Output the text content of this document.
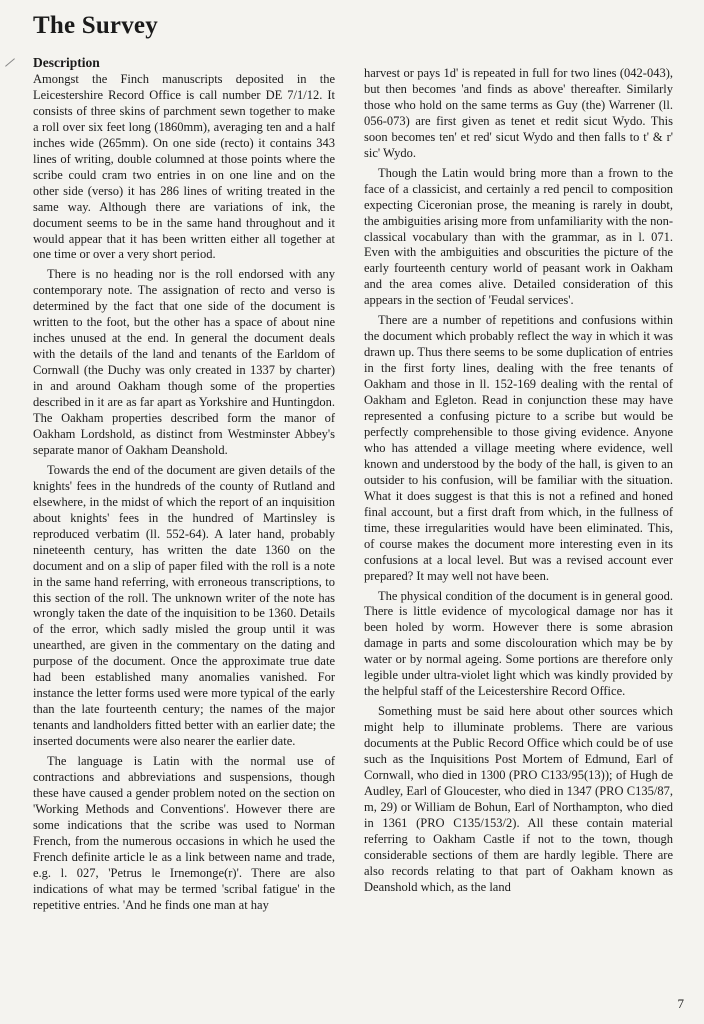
The Survey
Description

Amongst the Finch manuscripts deposited in the Leicestershire Record Office is call number DE 7/1/12. It consists of three skins of parchment sewn together to make a roll over six feet long (1860mm), averaging ten and a half inches wide (265mm). On one side (recto) it contains 343 lines of writing, double columned at those points where the scribe could cram two entries in on one line and on the other side (verso) it has 286 lines of writing treated in the same way. Although there are variations of ink, the document seems to be in the same hand throughout and it would appear that it has been written either all together at one time or over a very short period.

There is no heading nor is the roll endorsed with any contemporary note. The assignation of recto and verso is determined by the fact that one side of the document is written to the foot, but the other has a space of about nine inches unused at the end. In general the document deals with the details of the land and tenants of the Earldom of Cornwall (the Duchy was only created in 1337 by charter) in and around Oakham though some of the properties described in it are as far apart as Yorkshire and Huntingdon. The Oakham properties described form the manor of Oakham Lordshold, as distinct from Westminster Abbey's separate manor of Oakham Deanshold.

Towards the end of the document are given details of the knights' fees in the hundreds of the county of Rutland and elsewhere, in the midst of which the report of an inquisition about knights' fees in the hundred of Martinsley is reproduced verbatim (ll. 552-64). A later hand, probably nineteenth century, has written the date 1360 on the document and on a slip of paper filed with the roll is a note in the same hand referring, with erroneous transcriptions, to this section of the roll. The unknown writer of the note has wrongly taken the date of the inquisition to be 1360. Details of the error, which sadly misled the group until it was unearthed, are given in the commentary on the dating and purpose of the document. Once the approximate true date had been established many anomalies vanished. For instance the letter forms used were more typical of the early than the late fourteenth century; the names of the major tenants and landholders fitted better with an earlier date; the inserted documents were also nearer the earlier date.

The language is Latin with the normal use of contractions and abbreviations and suspensions, though these have caused a gender problem noted on the section on 'Working Methods and Conventions'. However there are some indications that the scribe was used to Norman French, from the numerous occasions in which he used the French definite article le as a link between name and trade, e.g. l. 027, 'Petrus le Irnemonge(r)'. There are also indications of what may be termed 'scribal fatigue' in the repetitive entries. 'And he finds one man at hay

harvest or pays 1d' is repeated in full for two lines (042-043), but then becomes 'and finds as above' thereafter. Similarly those who hold on the same terms as Guy (the) Warrener (ll. 056-073) are first given as tenet et redit sicut Wydo. This soon becomes ten' et red' sicut Wydo and then falls to t' & r' sic' Wydo.

Though the Latin would bring more than a frown to the face of a classicist, and certainly a red pencil to composition expecting Ciceronian prose, the meaning is rarely in doubt, the ambiguities arising more from unfamiliarity with the non-classical vocabulary than with the grammar, as in l. 071. Even with the ambiguities and obscurities the picture of the early fourteenth century world of peasant work in Oakham and the area comes alive. Detailed consideration of this appears in the section of 'Feudal services'.

There are a number of repetitions and confusions within the document which probably reflect the way in which it was drawn up. Thus there seems to be some duplication of entries in the first forty lines, dealing with the free tenants of Oakham and those in ll. 152-169 dealing with the rental of Oakham and Egleton. Read in conjunction these may have represented a confusing picture to a scribe but would be perfectly comprehensible to those giving evidence. Anyone who has attended a village meeting where evidence, well known and understood by the body of the hall, is given to an outsider to his confusion, will be familiar with the situation. What it does suggest is that this is not a refined and honed final account, but a first draft from which, in the fullness of time, these irregularities would have been eliminated. This, of course makes the document more interesting even in its confusions at a local level. But was a revised account ever prepared? It may well not have been.

The physical condition of the document is in general good. There is little evidence of mycological damage nor has it been holed by worm. However there is some abrasion damage in parts and some discolouration which may be by water or by normal ageing. Some portions are therefore only legible under ultra-violet light which was kindly provided by the helpful staff of the Leicestershire Record Office.

Something must be said here about other sources which might help to illuminate problems. There are various documents at the Public Record Office which could be of use such as the Inquisitions Post Mortem of Edmund, Earl of Cornwall, who died in 1300 (PRO C133/95(13)); of Hugh de Audley, Earl of Gloucester, who died in 1347 (PRO C135/87, m, 29) or William de Bohun, Earl of Northampton, who died in 1361 (PRO C135/153/2). All these contain material referring to Oakham Castle if not to the town, though considerable sections of them are hardly legible. There are also records relating to that part of Oakham known as Deanshold which, as the land

7
